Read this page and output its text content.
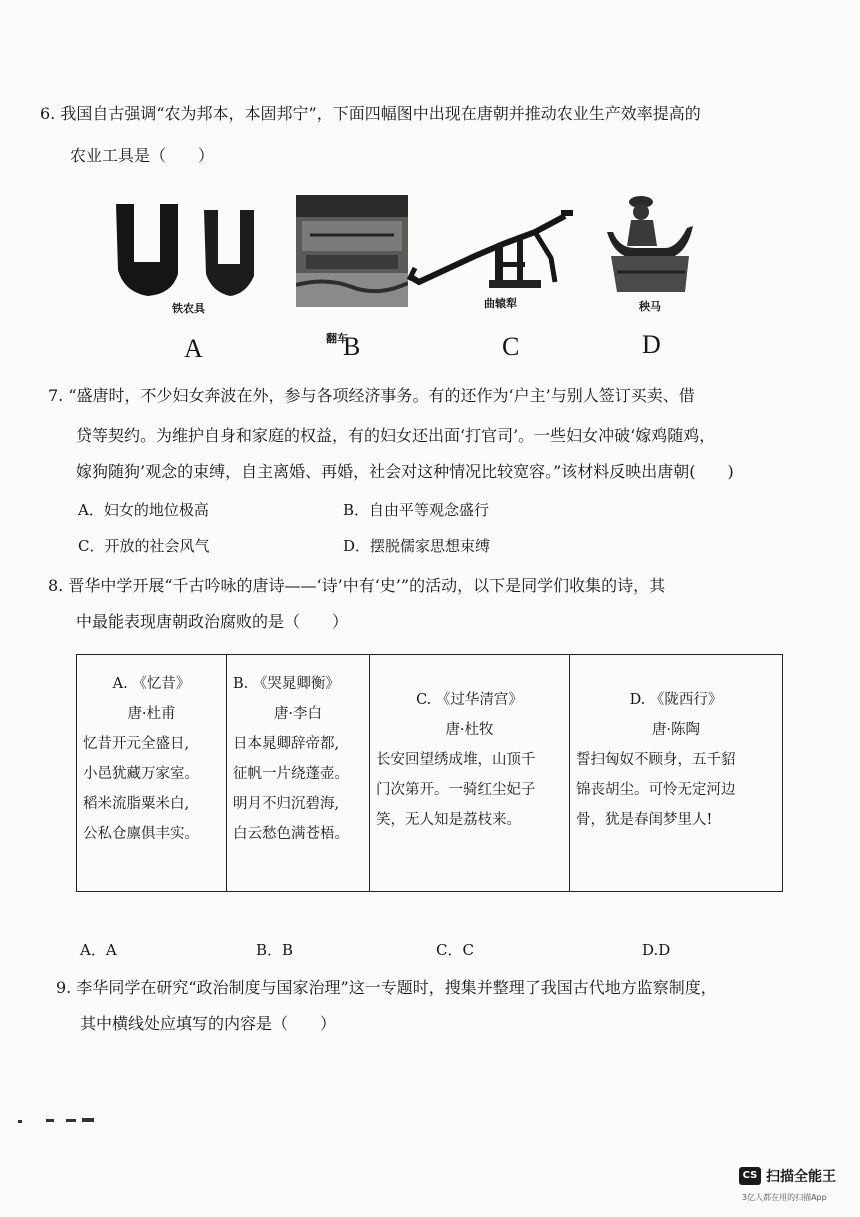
6. 我国自古强调“农为邦本，本固邦宁”，下面四幅图中出现在唐朝并推动农业生产效率提高的
农业工具是（　　）
铁农具
翻车
曲辕犁	秧马
A	B	C	D
7. “盛唐时，不少妇女奔波在外，参与各项经济事务。有的还作为‘户主’与别人签订买卖、借
贷等契约。为维护自身和家庭的权益，有的妇女还出面‘打官司’。一些妇女冲破‘嫁鸡随鸡，
嫁狗随狗’观念的束缚，自主离婚、再婚，社会对这种情况比较宽容。”该材料反映出唐朝(　　)
A．妇女的地位极高	B．自由平等观念盛行
C．开放的社会风气	D．摆脱儒家思想束缚
8. 晋华中学开展“千古吟咏的唐诗——‘诗’中有‘史’”的活动，以下是同学们收集的诗，其
中最能表现唐朝政治腐败的是（　　）
A. 《忆昔》
唐·杜甫
忆昔开元全盛日,
小邑犹藏万家室。
稻米流脂粟米白,
公私仓廪俱丰实。

B. 《哭晁卿衡》
唐·李白
日本晁卿辞帝都,
征帆一片绕蓬壶。
明月不归沉碧海,
白云愁色满苍梧。

C. 《过华清宫》
唐·杜牧
长安回望绣成堆，山顶千
门次第开。一骑红尘妃子
笑，无人知是荔枝来。

D. 《陇西行》
唐·陈陶
誓扫匈奴不顾身，五千貂
锦丧胡尘。可怜无定河边
骨，犹是春闺梦里人!
A．A	B．B	C．C	D.D
9. 李华同学在研究“政治制度与国家治理”这一专题时，搜集并整理了我国古代地方监察制度，
其中横线处应填写的内容是（　　）
CS 扫描全能王
3亿人都在用的扫描App
